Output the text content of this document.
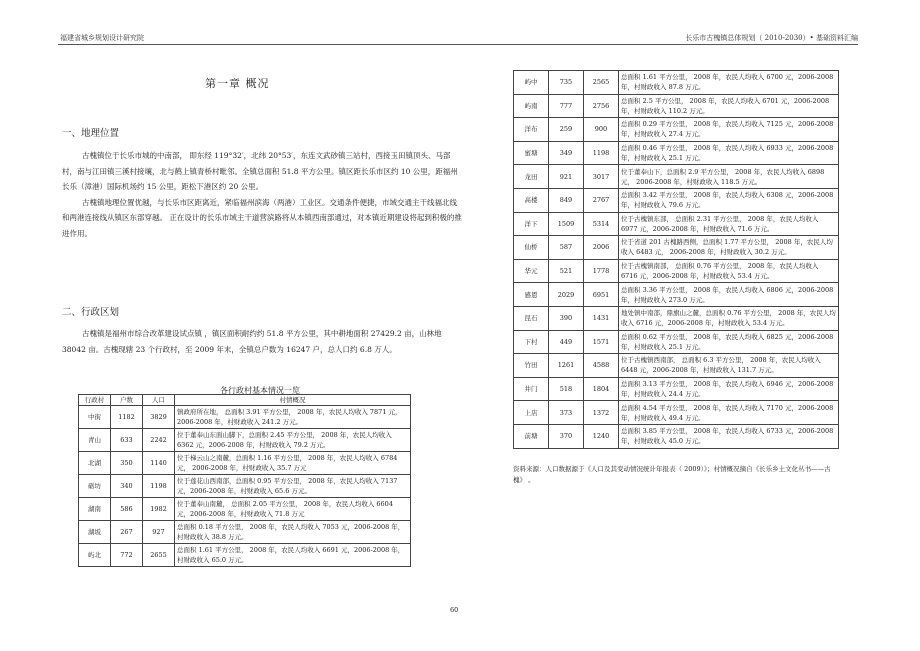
福建省城乡规划设计研究院	长乐市古槐镇总体规划（ 2010-2030）• 基础资料汇编
第一章 概况
一、地理位置

古槐镇位于长乐市城的中南部， 即东经 119°32′，北纬 20°53′，东连文武砂镇三站村，西接玉田镇顶头、马部村，南与江田镇三溪村接壤，北与鹤上镇青桥村毗邻。全镇总面积 51.8 平方公里。镇区距长乐市区约 10 公里，距福州长乐（漳港）国际机场约 15 公里，距松下港区约 20 公里。

古槐镇地理位置优越，与长乐市区距离近，紧临福州滨海（两港）工业区。交通条件便捷，市域交通主干线福北线和两港连接线从镇区东部穿越。 正在设计的长乐市域主干道营滨路将从本镇西南部通过，对本镇近期建设将起到积极的推进作用。

二、行政区划

古槐镇是福州市综合改革建设试点镇 ，镇区面积耐约约 51.8 平方公里，其中耕地面积 27429.2 亩，山林地 38042 亩。古槐现辖 23 个行政村，至 2009 年末，全镇总户数为 16247 户，总人口约 6.8 万人。

各行政村基本情况一览
行政村	户数	人口	村情概况
中街	1182	3829	镇政府所在地， 总面积 3.91 平方公里， 2008 年，农民人均收入 7871 元，2006-2008 年，村财政收入 241.2 万元。
青山	633	2242	位于董奉山东面山脚下，总面积 2.45 平方公里， 2008 年，农民人均收入 6362 元，2006-2008 年，村财政收入 79.2 万元。
北湖	350	1140	位于梯云山之南麓，总面积 1.16 平方公里， 2008 年，农民人均收入 6784 元， 2006-2008 年，村财政收入 35.7 万元
砺坊	340	1198	位于莲花山西南部，总面积 0.95 平方公里， 2008 年，农民人均收入 7137 元，2006-2008 年，村财政收入 65.6 万元。
湖南	586	1982	位于董奉山南麓， 总面积 2.05 平方公里， 2008 年，农民人均收入 6604 元，2006-2008 年，村财政收入 71.8 万元
湖坂	267	927	总面积 0.18 平方公里， 2008 年，农民人均收入 7053 元，2006-2008 年，村财政收入 38.8 万元。
屿北	772	2655	总面积 1.61 平方公里， 2008 年，农民人均收入 6691 元，2006-2008 年，村财政收入 65.0 万元。
屿中	735	2565	总面积 1.61 平方公里， 2008 年，农民人均收入 6700 元，2006-2008 年，村财政收入 87.8 万元。
屿南	777	2756	总面积 2.5 平方公里， 2008 年，农民人均收入 6701 元，2006-2008 年，村财政收入 110.2 万元。
洋布	259	900	总面积 0.29 平方公里， 2008 年，农民人均收入 7125 元，2006-2008 年，村财政收入 27.4 万元。
蜜塘	349	1198	总面积 0.46 平方公里， 2008 年，农民人均收入 6933 元，2006-2008 年，村财政收入 25.1 万元。
龙田	921	3017	位于董奉山下，总面积 2.9 平方公里， 2008 年，农民人均收入 6898 元， 2006-2008 年，村财政收入 118.5 万元。
高楼	849	2767	总面积 3.42 平方公里， 2008 年，农民人均收入 6308 元，2006-2008 年，村财政收入 79.6 万元。
洋下	1509	5314	位于古槐镇东部， 总面积 2.31 平方公里， 2008 年，农民人均收入 6977 元，2006-2008 年，村财政收入 71.6 万元。
仙桥	587	2006	位于省道 201 古槐路西侧，总面积 1.77 平方公里， 2008 年，农民人均收入 6483 元， 2006-2008 年，村财政收入 30.2 万元。
华元	521	1778	位于古槐镇南部， 总面积 0.76 平方公里， 2008 年，农民人均收入 6716 元，2006-2008 年，村财政收入 53.4 万元。
感恩	2029	6951	总面积 3.36 平方公里， 2008 年，农民人均收入 6806 元，2006-2008 年，村财政收入 273.0 万元。
昆石	390	1431	地处镇中南部，鼎旗山之麓，总面积 0.76 平方公里， 2008 年，农民人均收入 6716 元，2006-2008 年，村财政收入 53.4 万元。
下村	449	1571	总面积 0.62 平方公里， 2008 年，农民人均收入 6825 元，2006-2008 年，村财政收入 25.1 万元。
竹田	1261	4588	位于古槐镇西南部， 总面积 6.3 平方公里， 2008 年，农民人均收入 6448 元，2006-2008 年，村财政收入 131.7 万元。
井门	518	1804	总面积 3.13 平方公里， 2008 年，农民人均收入 6946 元，2006-2008 年，村财政收入 24.4 万元。
上店	373	1372	总面积 4.54 平方公里， 2008 年，农民人均收入 7170 元，2006-2008 年，村财政收入 49.4 万元。
前塘	370	1240	总面积 3.85 平方公里， 2008 年，农民人均收入 6733 元，2006-2008 年，村财政收入 45.0 万元。
资料来源：人口数据源于《人口及其变动情况统计年报表（ 2009）》；村情概况摘自《长乐乡土文化丛书——古槐》 。
60
